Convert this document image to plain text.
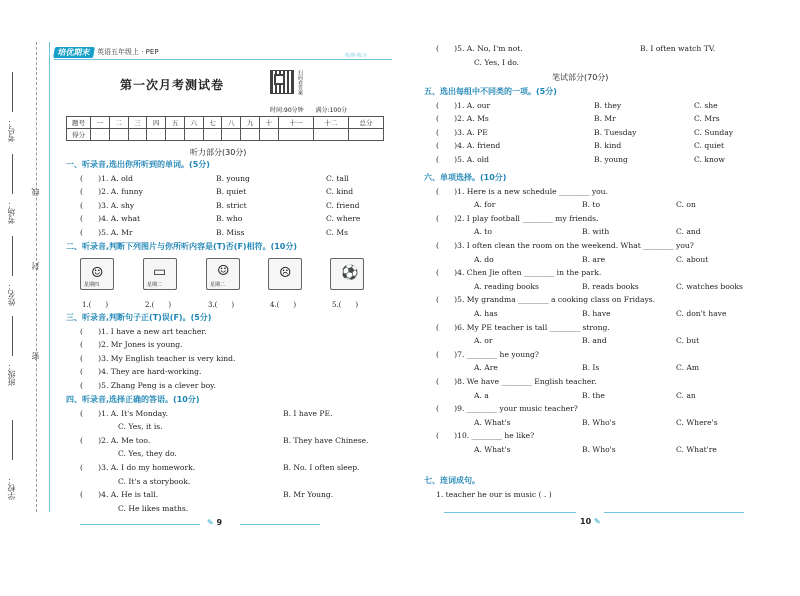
考号：
考场：
姓名：
班级：
学校：
线
封
密
培优期末 英语五年级上 · PEP	检测·练习
第一次月考测试卷	扫码看答案
时间:90分钟 满分:100分
题号	一	二	三	四	五	六	七	八	九	十	十一	十二	总分
得分													
听力部分(30分)
一、听录音,选出你所听到的单词。(5分)
(　　)1. A. old	B. young	C. tall
(　　)2. A. funny	B. quiet	C. kind
(　　)3. A. shy	B. strict	C. friend
(　　)4. A. what	B. who	C. where
(　　)5. A. Mr	B. Miss	C. Ms
二、听录音,判断下列图片与你所听内容是(T)否(F)相符。(10分)
☺
星期四
▭
星期二
☺
星期二
☹	⚽
1.(　　)	2.(　　)	3.(　　)	4.(　　)	5.(　　)
三、听录音,判断句子正(T)误(F)。(5分)
(　　)1. I have a new art teacher.
(　　)2. Mr Jones is young.
(　　)3. My English teacher is very kind.
(　　)4. They are hard-working.
(　　)5. Zhang Peng is a clever boy.
四、听录音,选择正确的答语。(10分)
(　　)1. A. It's Monday.	B. I have PE.
C. Yes, it is.
(　　)2. A. Me too.	B. They have Chinese.
C. Yes, they do.
(　　)3. A. I do my homework.	B. No. I often sleep.
C. It's a storybook.
(　　)4. A. He is tall.	B. Mr Young.
C. He likes maths.
✎ 9
(　　)5. A. No, I'm not.	B. I often watch TV.
C. Yes, I do.
笔试部分(70分)
五、选出每组中不同类的一项。(5分)
(　　)1. A. our	B. they	C. she
(　　)2. A. Ms	B. Mr	C. Mrs
(　　)3. A. PE	B. Tuesday	C. Sunday
(　　)4. A. friend	B. kind	C. quiet
(　　)5. A. old	B. young	C. know
六、单项选择。(10分)
(　　)1. Here is a new schedule ________ you.
A. for	B. to	C. on
(　　)2. I play football ________ my friends.
A. to	B. with	C. and
(　　)3. I often clean the room on the weekend. What ________ you?
A. do	B. are	C. about
(　　)4. Chen Jie often ________ in the park.
A. reading books	B. reads books	C. watches books
(　　)5. My grandma ________ a cooking class on Fridays.
A. has	B. have	C. don't have
(　　)6. My PE teacher is tall ________ strong.
A. or	B. and	C. but
(　　)7. ________ he young?
A. Are	B. Is	C. Am
(　　)8. We have ________ English teacher.
A. a	B. the	C. an
(　　)9. ________ your music teacher?
A. What's	B. Who's	C. Where's
(　　)10. ________ he like?
A. What's	B. Who's	C. What're
七、连词成句。
1. teacher he our is music ( . )
10 ✎
